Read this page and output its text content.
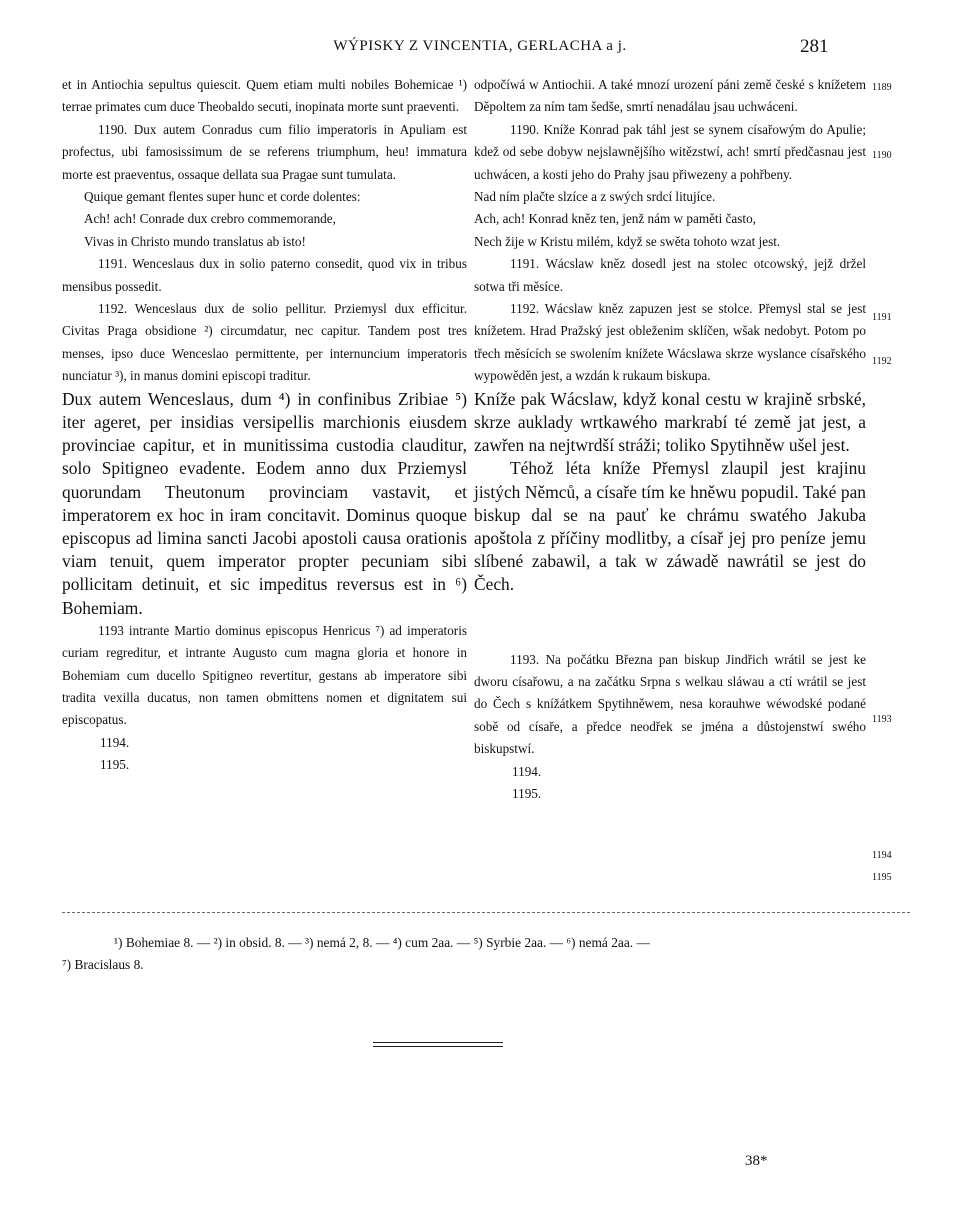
WÝPISKY Z VINCENTIA, GERLACHA a j.	281

et in Antiochia sepultus quiescit. Quem etiam multi nobiles Bohemicae ¹) terrae primates cum duce Theobaldo secuti, inopinata morte sunt praeventi.

1190. Dux autem Conradus cum filio imperatoris in Apuliam est profectus, ubi famosissimum de se referens triumphum, heu! immatura morte est praeventus, ossaque dellata sua Pragae sunt tumulata.

Quique gemant flentes super hunc et corde dolentes:

Ach! ach! Conrade dux crebro commemorande,

Vivas in Christo mundo translatus ab isto!

1191. Wenceslaus dux in solio paterno consedit, quod vix in tribus mensibus possedit.

1192. Wenceslaus dux de solio pellitur. Prziemysl dux efficitur. Civitas Praga obsidione ²) circumdatur, nec capitur. Tandem post tres menses, ipso duce Wenceslao permittente, per internuncium imperatoris nunciatur ³), in manus domini episcopi traditur.

Dux autem Wenceslaus, dum ⁴) in confinibus Zribiae ⁵) iter ageret, per insidias versipellis marchionis eiusdem provinciae capitur, et in munitissima custodia clauditur, solo Spitigneo evadente. Eodem anno dux Prziemysl quorundam Theutonum provinciam vastavit, et imperatorem ex hoc in iram concitavit. Dominus quoque episcopus ad limina sancti Jacobi apostoli causa orationis viam tenuit, quem imperator propter pecuniam sibi pollicitam detinuit, et sic impeditus reversus est in ⁶) Bohemiam.

1193 intrante Martio dominus episcopus Henricus ⁷) ad imperatoris curiam regreditur, et intrante Augusto cum magna gloria et honore in Bohemiam cum ducello Spitigneo revertitur, gestans ab imperatore sibi tradita vexilla ducatus, non tamen obmittens nomen et dignitatem sui episcopatus.

1194.

1195.

odpočíwá w Antiochii. A také mnozí urození páni země české s knížetem Děpoltem za ním tam šedše, smrtí nenadálau jsau uchwáceni.

1190. Kníže Konrad pak táhl jest se synem císařowým do Apulie; kdež od sebe dobyw nejslawnějšího witězstwí, ach! smrtí předčasnau jest uchwácen, a kosti jeho do Prahy jsau přiwezeny a pohřbeny.

Nad ním plačte slzíce a z swých srdcí litujíce.

Ach, ach! Konrad kněz ten, jenž nám w paměti často,

Nech žije w Kristu milém, když se swěta tohoto wzat jest.

1191. Wácslaw kněz dosedl jest na stolec otcowský, jejž držel sotwa tři měsíce.

1192. Wácslaw kněz zapuzen jest se stolce. Přemysl stal se jest knížetem. Hrad Pražský jest obleženim sklíčen, wšak nedobyt. Potom po třech měsících se swolením knížete Wácslawa skrze wyslance císařského wypowěděn jest, a wzdán k rukaum biskupa.

Kníže pak Wácslaw, když konal cestu w krajině srbské, skrze auklady wrtkawého markrabí té země jat jest, a zawřen na nejtwrdší stráži; toliko Spytihněw ušel jest.

Téhož léta kníže Přemysl zlaupil jest krajinu jistých Němců, a císaře tím ke hněwu popudil. Také pan biskup dal se na pauť ke chrámu swatého Jakuba apoštola z příčiny modlitby, a císař jej pro peníze jemu slíbené zabawil, a tak w záwadě nawrátil se jest do Čech.

1193. Na počátku Března pan biskup Jindřich wrátil se jest ke dworu císařowu, a na začátku Srpna s welkau sláwau a ctí wrátil se jest do Čech s knížátkem Spytihněwem, nesa korauhwe wéwodské podané sobě od císaře, a předce neodřek se jména a důstojenstwí swého biskupstwí.

1194.

1195.

1189
1190
1191
1192
1193
1194
1195
¹) Bohemiae 8. — ²) in obsid. 8. — ³) nemá 2, 8. — ⁴) cum 2aa. — ⁵) Syrbie 2aa. — ⁶) nemá 2aa. —
⁷) Bracislaus 8.
38*
